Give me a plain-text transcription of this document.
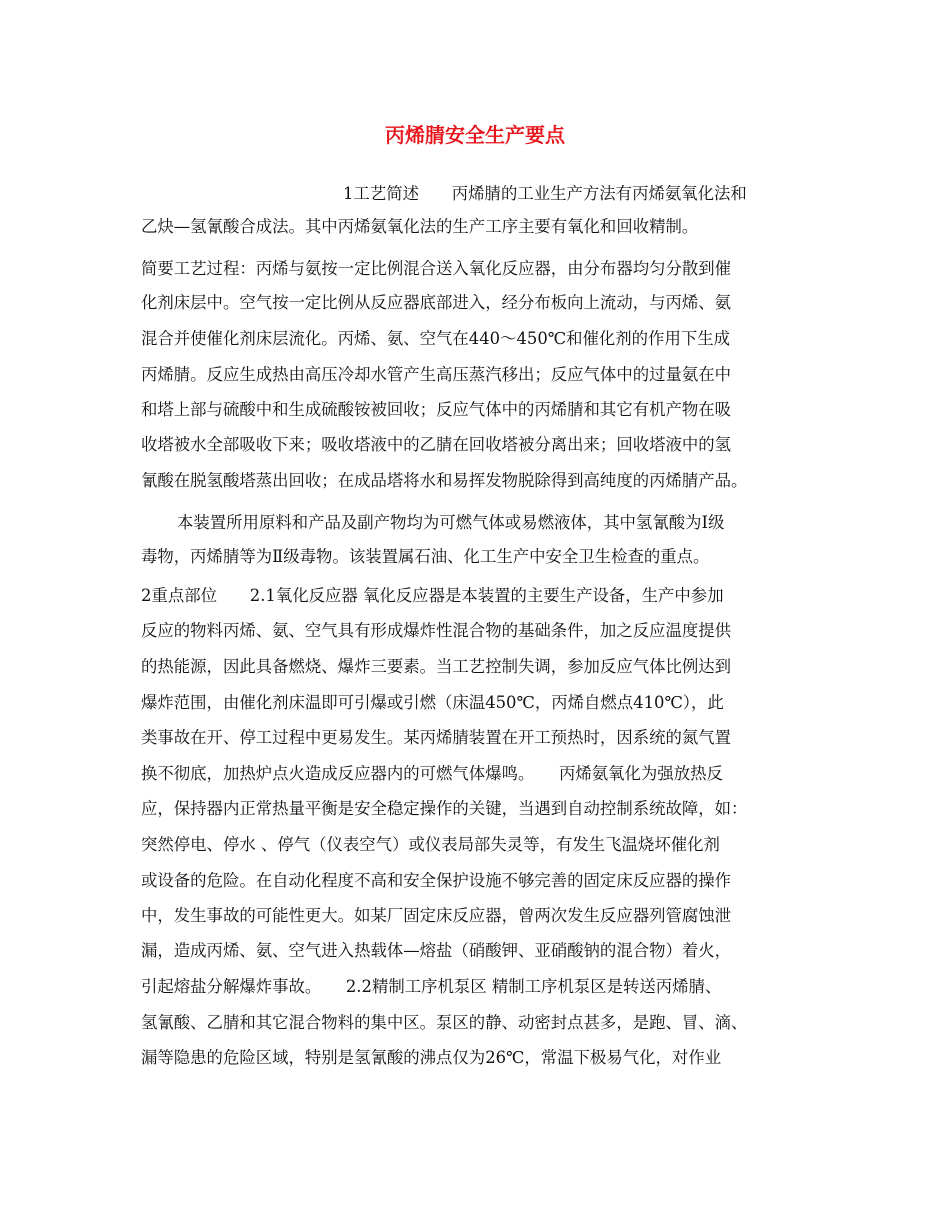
丙烯腈安全生产要点

1工艺简述　　丙烯腈的工业生产方法有丙烯氨氧化法和

乙炔—氢氰酸合成法。其中丙烯氨氧化法的生产工序主要有氧化和回收精制。

简要工艺过程：丙烯与氨按一定比例混合送入氧化反应器，由分布器均匀分散到催

化剂床层中。空气按一定比例从反应器底部进入，经分布板向上流动，与丙烯、氨

混合并使催化剂床层流化。丙烯、氨、空气在440～450℃和催化剂的作用下生成

丙烯腈。反应生成热由高压冷却水管产生高压蒸汽移出；反应气体中的过量氨在中

和塔上部与硫酸中和生成硫酸铵被回收；反应气体中的丙烯腈和其它有机产物在吸

收塔被水全部吸收下来；吸收塔液中的乙腈在回收塔被分离出来；回收塔液中的氢

氰酸在脱氢酸塔蒸出回收；在成品塔将水和易挥发物脱除得到高纯度的丙烯腈产品。

本装置所用原料和产品及副产物均为可燃气体或易燃液体，其中氢氰酸为Ⅰ级

毒物，丙烯腈等为Ⅱ级毒物。该装置属石油、化工生产中安全卫生检查的重点。

2重点部位　　2.1氧化反应器 氧化反应器是本装置的主要生产设备，生产中参加

反应的物料丙烯、氨、空气具有形成爆炸性混合物的基础条件，加之反应温度提供

的热能源，因此具备燃烧、爆炸三要素。当工艺控制失调，参加反应气体比例达到

爆炸范围，由催化剂床温即可引爆或引燃（床温450℃，丙烯自燃点410℃），此

类事故在开、停工过程中更易发生。某丙烯腈装置在开工预热时，因系统的氮气置

换不彻底，加热炉点火造成反应器内的可燃气体爆鸣。　　丙烯氨氧化为强放热反

应，保持器内正常热量平衡是安全稳定操作的关键，当遇到自动控制系统故障，如：

突然停电、停水 、停气（仪表空气）或仪表局部失灵等，有发生飞温烧坏催化剂

或设备的危险。在自动化程度不高和安全保护设施不够完善的固定床反应器的操作

中，发生事故的可能性更大。如某厂固定床反应器，曾两次发生反应器列管腐蚀泄

漏，造成丙烯、氨、空气进入热载体—熔盐（硝酸钾、亚硝酸钠的混合物）着火，

引起熔盐分解爆炸事故。　　2.2精制工序机泵区 精制工序机泵区是转送丙烯腈、

氢氰酸、乙腈和其它混合物料的集中区。泵区的静、动密封点甚多，是跑、冒、滴、

漏等隐患的危险区域，特别是氢氰酸的沸点仅为26℃，常温下极易气化，对作业
